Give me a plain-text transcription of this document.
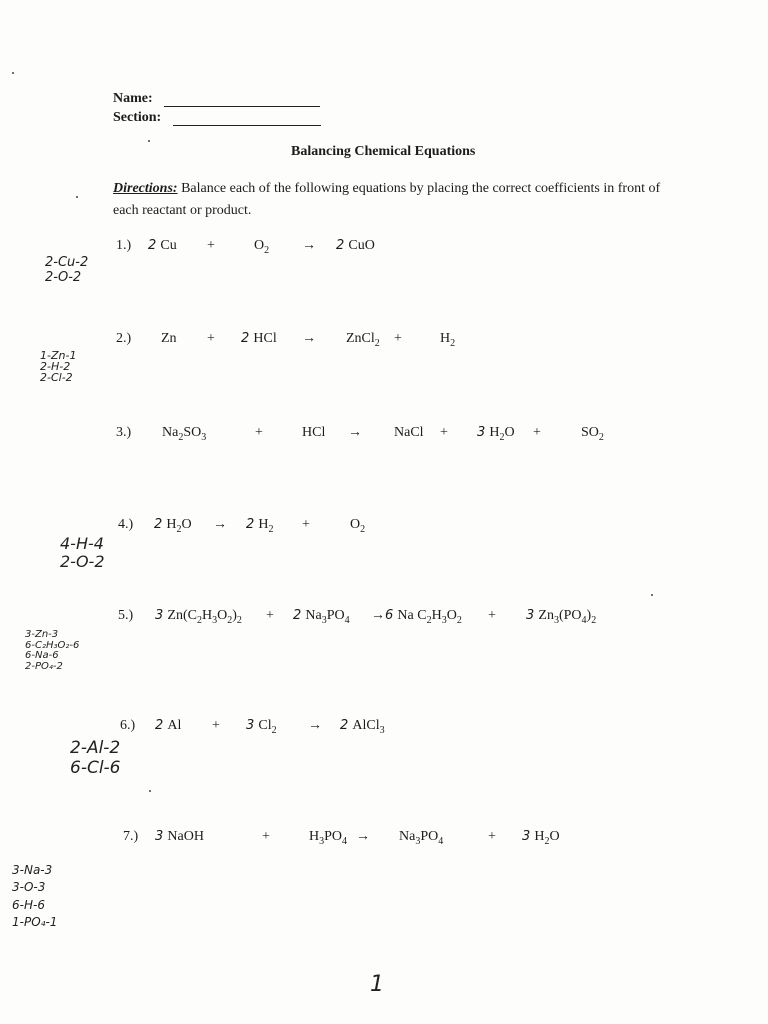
Name:
Section:
Balancing Chemical Equations
Directions: Balance each of the following equations by placing the correct coefficients in front of each reactant or product.
1.) 2 Cu +	$O_2 \to 2$ CuO
2.) Zn + 2 HCl → ZnCl$_2$ +	$H_2$
3.) $Na_2SO_3$	+	HCl → NaCl + 3 $H_2O$ +	$SO_2$
4.) 2 $H_2O \to 2$ $H_2$ +	$O_2$
5.) 3 $Zn(C_2H_3O_2)_2 + 2$ $Na_3PO_4 \to 6$ Na $C_2H_3O_2 + 3$ $Zn_3(PO_4)_2$
6.) 2 Al + 3 $Cl_2 \to 2$ AlCl$_3$
7.) 3 NaOH	+	$H_3PO_4 \to Na_3PO_4$	+ 3 $H_2O$
2-Cu-2
2-O-2
1-Zn-1
2-H-2
2-Cl-2
4-H-4
2-O-2
3-Zn-3
6-C₂H₃O₂-6
6-Na-6
2-PO₄-2
2-Al-2
6-Cl-6
3-Na-3
3-O-3
6-H-6
1-PO₄-1
1
